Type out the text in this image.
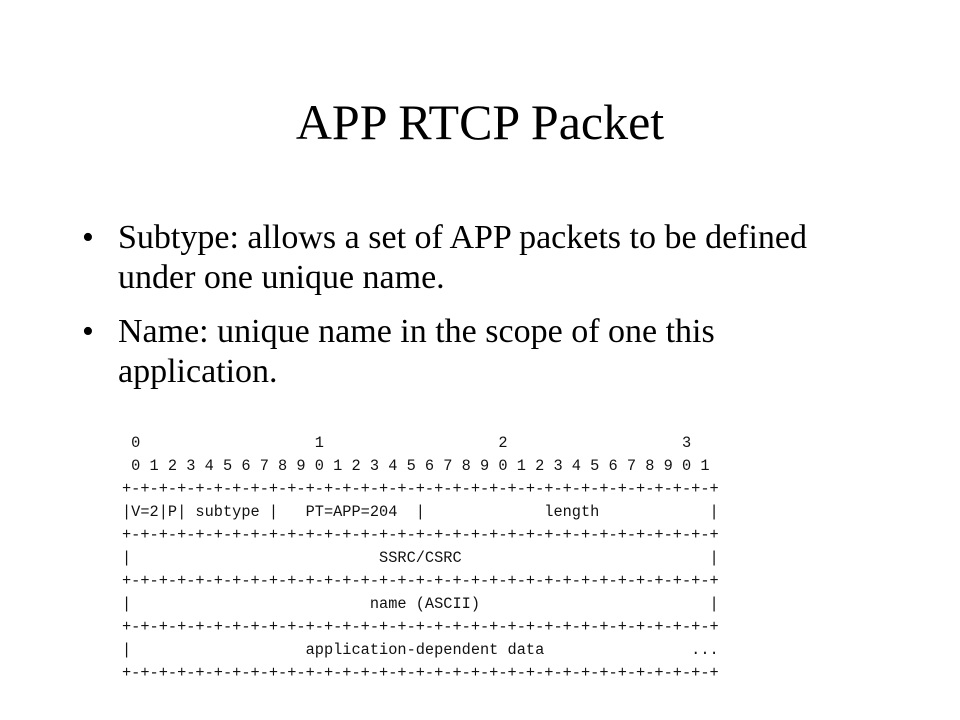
APP RTCP Packet
• Subtype: allows a set of APP packets to be defined under one unique name.
• Name: unique name in the scope of one this application.
0                   1                   2                   3
0 1 2 3 4 5 6 7 8 9 0 1 2 3 4 5 6 7 8 9 0 1 2 3 4 5 6 7 8 9 0 1
+-+-+-+-+-+-+-+-+-+-+-+-+-+-+-+-+-+-+-+-+-+-+-+-+-+-+-+-+-+-+-+-+
|V=2|P| subtype |   PT=APP=204  |             length            |
+-+-+-+-+-+-+-+-+-+-+-+-+-+-+-+-+-+-+-+-+-+-+-+-+-+-+-+-+-+-+-+-+
|                           SSRC/CSRC                           |
+-+-+-+-+-+-+-+-+-+-+-+-+-+-+-+-+-+-+-+-+-+-+-+-+-+-+-+-+-+-+-+-+
|                          name (ASCII)                         |
+-+-+-+-+-+-+-+-+-+-+-+-+-+-+-+-+-+-+-+-+-+-+-+-+-+-+-+-+-+-+-+-+
|                   application-dependent data                ...
+-+-+-+-+-+-+-+-+-+-+-+-+-+-+-+-+-+-+-+-+-+-+-+-+-+-+-+-+-+-+-+-+
